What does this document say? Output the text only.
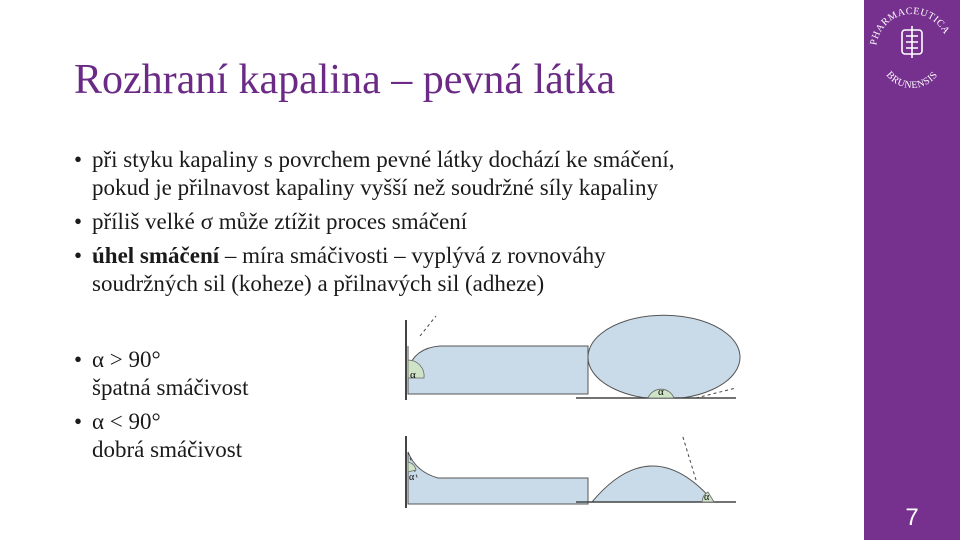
PHARMACEUTICA
BRUNENSIS
7
Rozhraní kapalina – pevná látka
• při styku kapaliny s povrchem pevné látky dochází ke smáčení,
pokud je přilnavost kapaliny vyšší než soudržné síly kapaliny
• příliš velké σ může ztížit proces smáčení
• úhel smáčení – míra smáčivosti – vyplývá z rovnováhy
soudržných sil (koheze) a přilnavých sil (adheze)
• α > 90°
špatná smáčivost
• α < 90°
dobrá smáčivost
α
α
α
α
